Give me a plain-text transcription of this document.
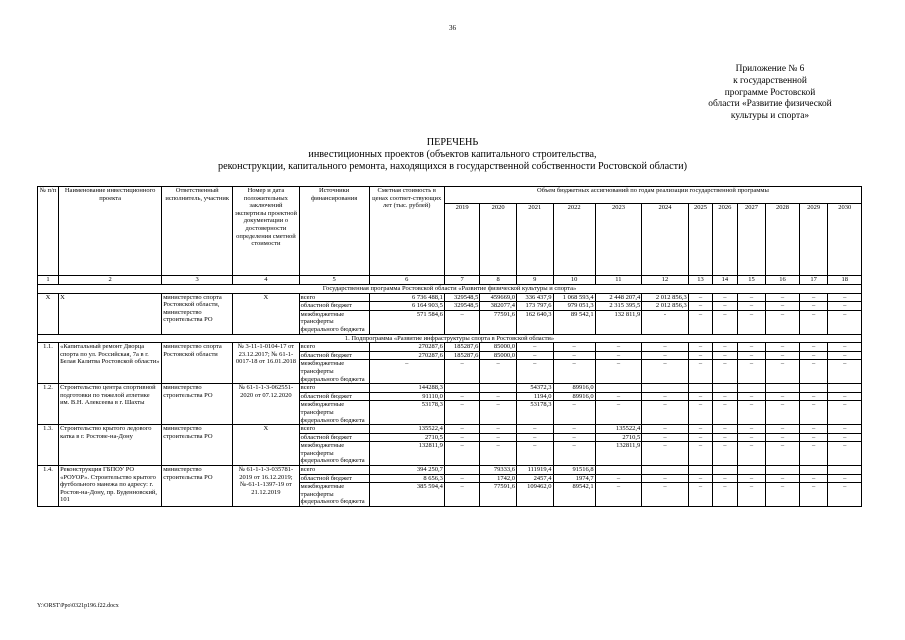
36
Приложение № 6
к государственной
программе Ростовской
области «Развитие физической
культуры и спорта»
ПЕРЕЧЕНЬ
инвестиционных проектов (объектов капитального строительства,
реконструкции, капитального ремонта, находящихся в государственной собственности Ростовской области)
№ п/п	Наименование инвестиционного проекта	Ответственный исполнитель, участник	Номер и дата положительных заключений экспертизы проектной документации о достоверности определения сметной стоимости	Источники финансирования	Сметная стоимость в ценах соответ-ствующих лет (тыс. рублей)	Объем бюджетных ассигнований по годам реализации государственной программы											
						2019	2020	2021	2022	2023	2024	2025	2026	2027	2028	2029	2030
1	2	3	4	5	6	7	8	9	10	11	12	13	14	15	16	17	18
Государственная программа Ростовской области «Развитие физической культуры и спорта»																	
Х	Х	министерство спорта Ростовской области, министерство строительства РО	Х	всего	6 736 488,1	329548,5	459669,0	336 437,9	1 068 593,4	2 448 207,4	2 012 856,3	–	–	–	–	–	–
				областной бюджет	6 164 903,5	329548,5	382077,4	173 797,6	979 051,3	2 315 395,5	2 012 856,3	–	–	–	–	–	–
				межбюджетные трансферты федерального бюджета	571 584,6	–	77591,6	162 640,3	89 542,1	132 811,9	-	–	–	–	–	–	–
1. Подпрограмма «Развитие инфраструктуры спорта в Ростовской области»																	
1.1.	«Капитальный ремонт Дворца спорта по ул. Российская, 7а в г. Белая Калитва Ростовской области»	министерство спорта Ростовской области	№ 3-11-1-0104-17 от 23.12.2017; № 61-1-0017-18 от 16.01.2018	всего	270287,6	185287,6	85000,0	–	–	–	–	–	–	–	–	–	–
				областной бюджет	270287,6	185287,6	85000,0	–	–	–	–	–	–	–	–	–	–
				межбюджетные трансферты федерального бюджета	–	–	–	–	–	–	–	–	–	–	–	–	–
1.2.	Строительство центра спортивной подготовки по тяжелой атлетике им. В.Н. Алексеева в г. Шахты	министерство строительства РО	№ 61-1-1-3-062551-2020 от 07.12.2020	всего	144288,3			54372,3	89916,0								
				областной бюджет	91110,0	–	–	1194,0	89916,0	–	–	–	–	–	–	–	–
				межбюджетные трансферты федерального бюджета	53178,3	–	–	53178,3	–	–	–	–	–	–	–	–	–
1.3.	Строительство крытого ледового катка в г. Ростове-на-Дону	министерство строительства РО	Х	всего	135522,4	–	–	–	–	135522,4	–	–	–	–	–	–	–
				областной бюджет	2710,5	–	–	–	–	2710,5	–	–	–	–	–	–	–
				межбюджетные трансферты федерального бюджета	132811,9	–	–	–	–	132811,9	–	–	–	–	–	–	–
1.4.	Реконструкция ГБПОУ РО «РОУОР». Строительство крытого футбольного манежа по адресу: г. Ростов-на-Дону, пр. Буденновский, 101	министерство строительства РО	№ 61-1-1-3-035781-2019 от 16.12.2019; №-61-1-1397-19 от 21.12.2019	всего	394 250,7		79333,6	111919,4	91516,8								
				областной бюджет	8 656,3	–	1742,0	2457,4	1974,7	–	–	–	–	–	–	–	–
				межбюджетные трансферты федерального бюджета	385 594,4	–	77591,6	109462,0	89542,1	–	–	–	–	–	–	–	–
Y:\ORST\Ppo\0321p196.f22.docx
